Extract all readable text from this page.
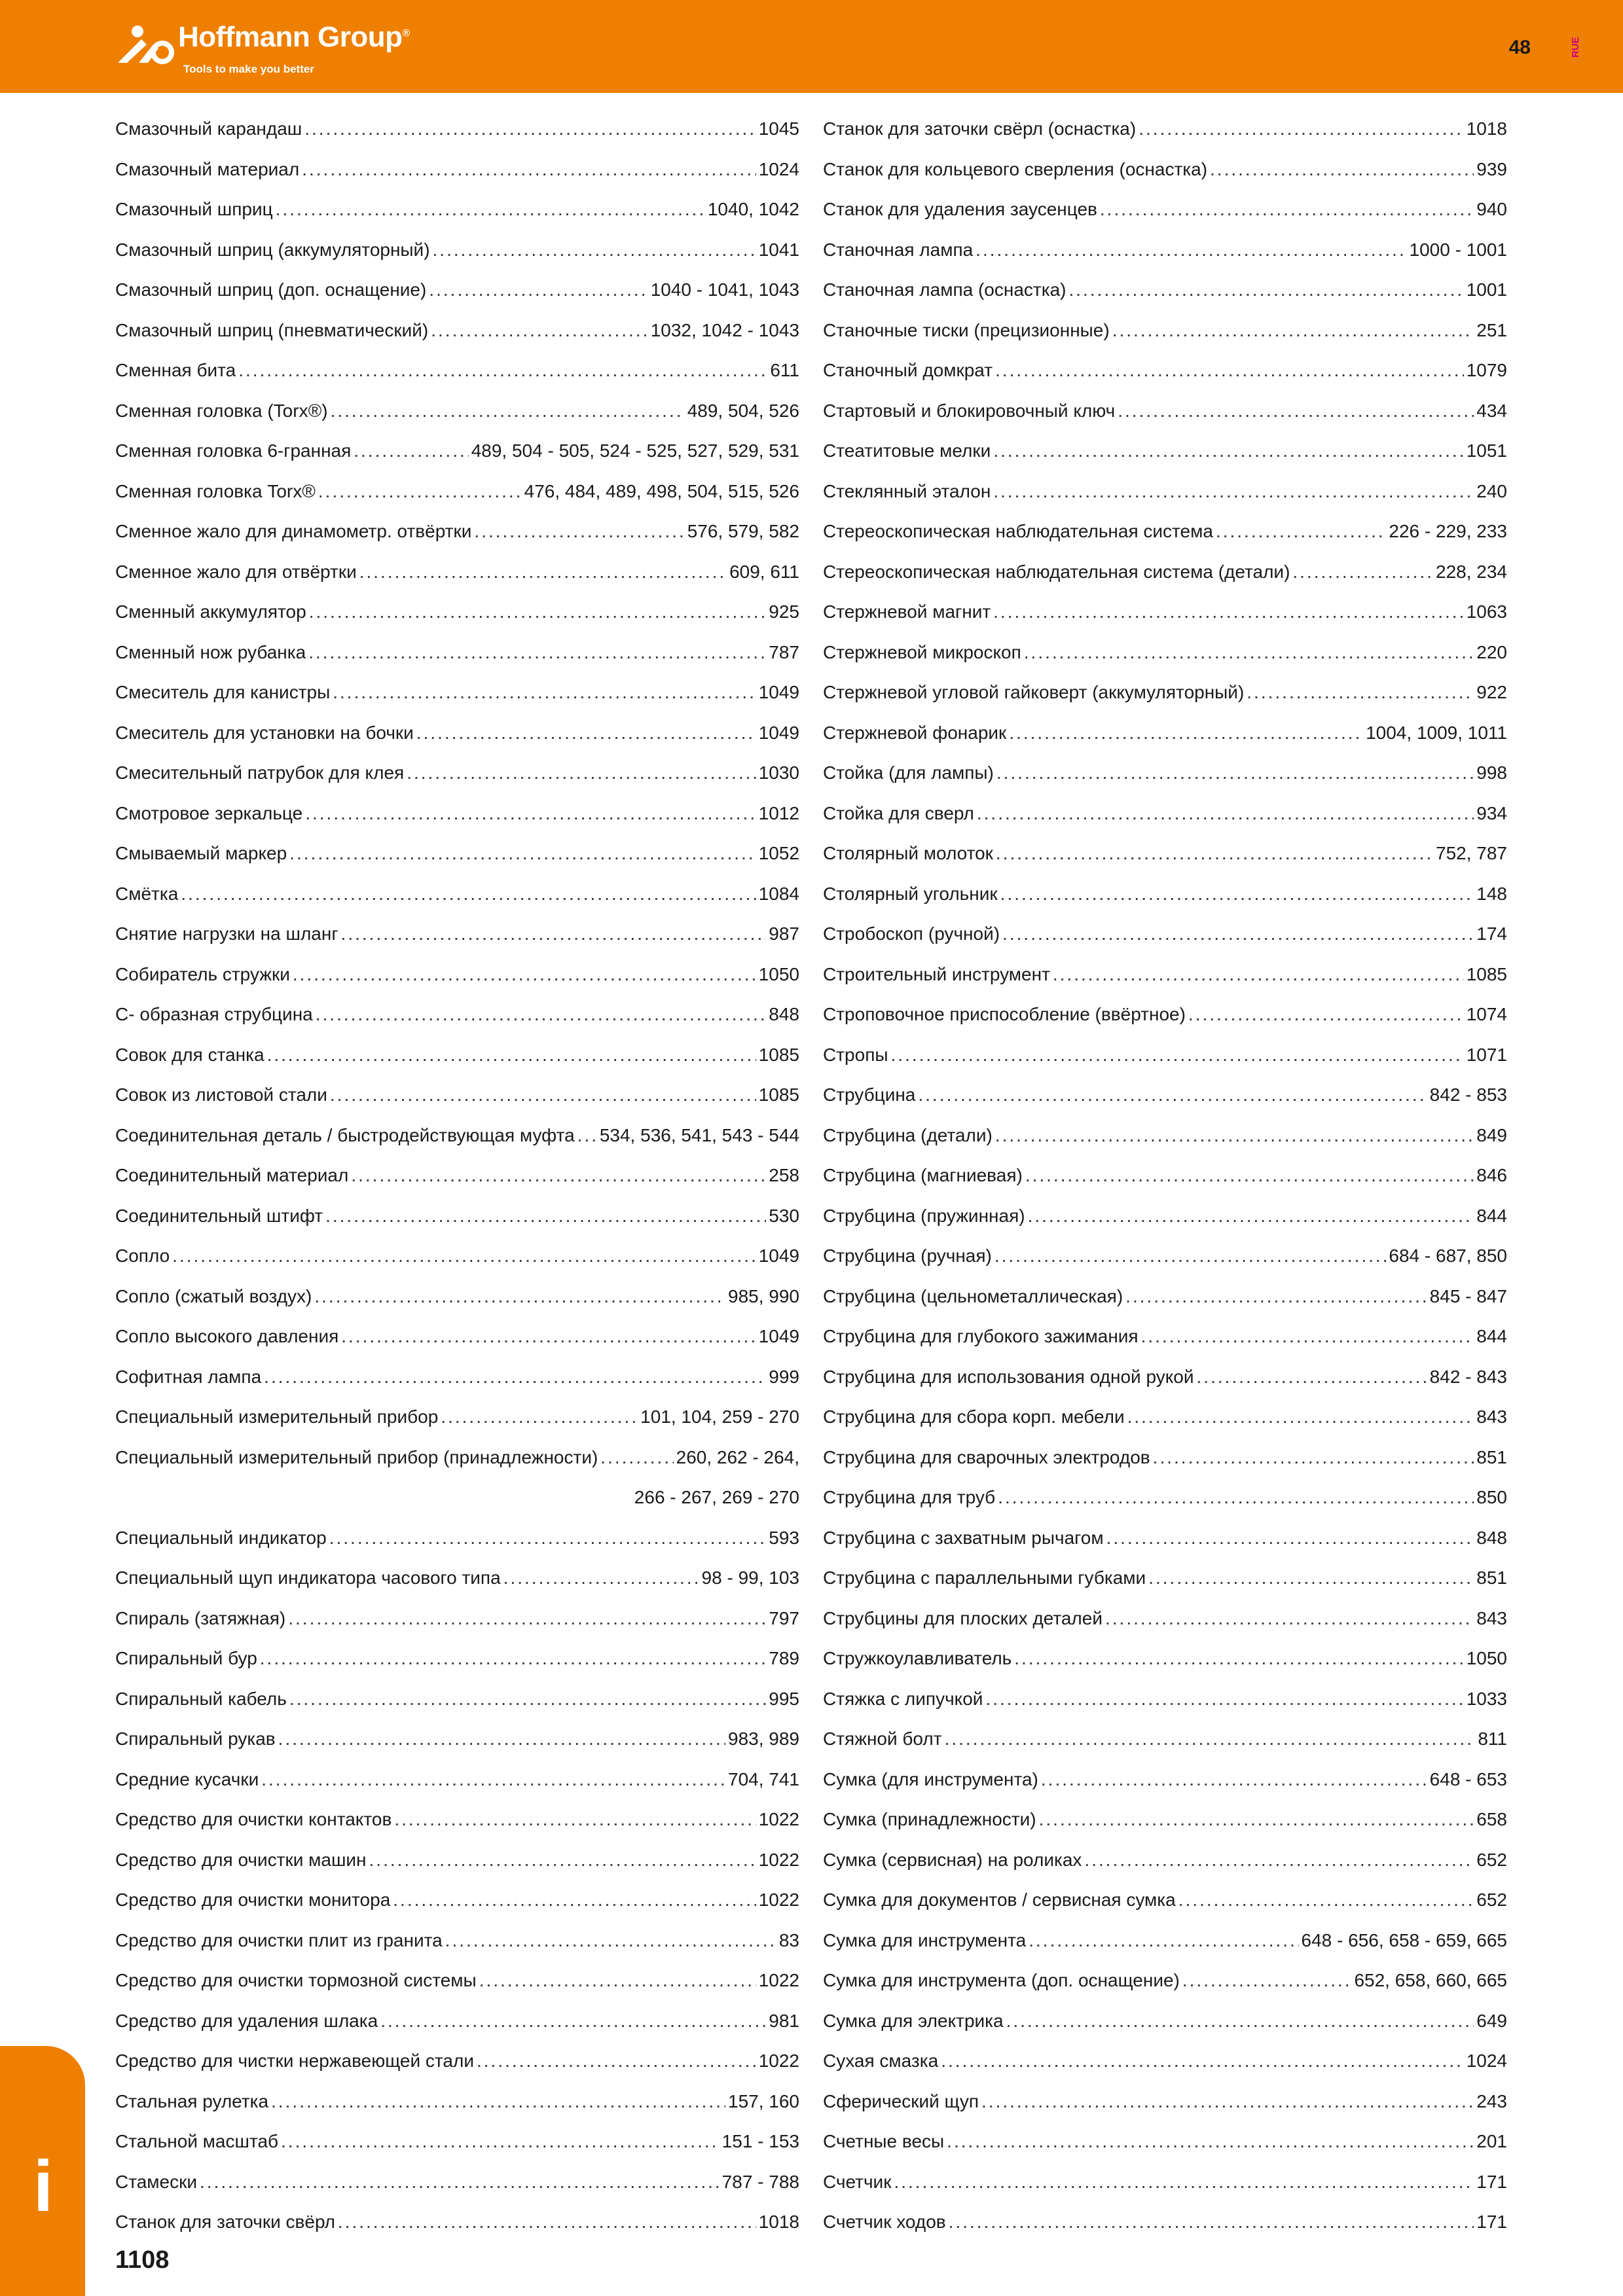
Hoffmann Group®
Tools to make you better
48	RUE
Смазочный карандаш .....	1045
Смазочный материал .....	1024
Смазочный шприц .....	1040, 1042
Смазочный шприц (аккумуляторный) .....	1041
Смазочный шприц (доп. оснащение) .....	1040 - 1041, 1043
Смазочный шприц (пневматический) .....	1032, 1042 - 1043
Сменная бита .....	611
Сменная головка (Torx®) .....	489, 504, 526
Сменная головка 6-гранная .....	489, 504 - 505, 524 - 525, 527, 529, 531
Сменная головка Torx® .....	476, 484, 489, 498, 504, 515, 526
Сменное жало для динамометр. отвёртки .....	576, 579, 582
Сменное жало для отвёртки .....	609, 611
Сменный аккумулятор .....	925
Сменный нож рубанка .....	787
Смеситель для канистры .....	1049
Смеситель для установки на бочки .....	1049
Смесительный патрубок для клея .....	1030
Смотровое зеркальце .....	1012
Смываемый маркер .....	1052
Смётка .....	1084
Снятие нагрузки на шланг .....	987
Собиратель стружки .....	1050
С- образная струбцина .....	848
Совок для станка .....	1085
Совок из листовой стали .....	1085
Соединительная деталь / быстродействующая муфта ..... 534, 536, 541, 543 - 544
Соединительный материал .....	258
Соединительный штифт .....	530
Сопло .....	1049
Сопло (сжатый воздух) .....	985, 990
Сопло высокого давления .....	1049
Софитная лампа .....	999
Специальный измерительный прибор .....	101, 104, 259 - 270
Специальный измерительный прибор (принадлежности) .....	260, 262 - 264,
266 - 267, 269 - 270
Специальный индикатор .....	593
Специальный щуп индикатора часового типа .....	98 - 99, 103
Спираль (затяжная) .....	797
Спиральный бур .....	789
Спиральный кабель .....	995
Спиральный рукав .....	983, 989
Средние кусачки .....	704, 741
Средство для очистки контактов .....	1022
Средство для очистки машин .....	1022
Средство для очистки монитора .....	1022
Средство для очистки плит из гранита .....	83
Средство для очистки тормозной системы .....	1022
Средство для удаления шлака .....	981
Средство для чистки нержавеющей стали .....	1022
Стальная рулетка .....	157, 160
Стальной масштаб .....	151 - 153
Стамески .....	787 - 788
Станок для заточки свёрл .....	1018
Станок для заточки свёрл (оснастка) .....	1018
Станок для кольцевого сверления (оснастка) .....	939
Станок для удаления заусенцев .....	940
Станочная лампа .....	1000 - 1001
Станочная лампа (оснастка) .....	1001
Станочные тиски (прецизионные) .....	251
Станочный домкрат .....	1079
Стартовый и блокировочный ключ .....	434
Стеатитовые мелки .....	1051
Стеклянный эталон .....	240
Стереоскопическая наблюдательная система .....	226 - 229, 233
Стереоскопическая наблюдательная система (детали) .....	228, 234
Стержневой магнит .....	1063
Стержневой микроскоп .....	220
Стержневой угловой гайковерт (аккумуляторный) .....	922
Стержневой фонарик .....	1004, 1009, 1011
Стойка (для лампы) .....	998
Стойка для сверл .....	934
Столярный молоток .....	752, 787
Столярный угольник .....	148
Стробоскоп (ручной) .....	174
Строительный инструмент .....	1085
Строповочное приспособление (ввёртное) .....	1074
Стропы .....	1071
Струбцина .....	842 - 853
Струбцина (детали) .....	849
Струбцина (магниевая) .....	846
Струбцина (пружинная) .....	844
Струбцина (ручная) .....	684 - 687, 850
Струбцина (цельнометаллическая) .....	845 - 847
Струбцина для глубокого зажимания .....	844
Струбцина для использования одной рукой .....	842 - 843
Струбцина для сбора корп. мебели .....	843
Струбцина для сварочных электродов .....	851
Струбцина для труб .....	850
Струбцина с захватным рычагом .....	848
Струбцина с параллельными губками .....	851
Струбцины для плоских деталей .....	843
Стружкоулавливатель .....	1050
Стяжка с липучкой .....	1033
Стяжной болт .....	811
Сумка (для инструмента) .....	648 - 653
Сумка (принадлежности) .....	658
Сумка (сервисная) на роликах .....	652
Сумка для документов / сервисная сумка .....	652
Сумка для инструмента .....	648 - 656, 658 - 659, 665
Сумка для инструмента (доп. оснащение) .....	652, 658, 660, 665
Сумка для электрика .....	649
Сухая смазка .....	1024
Сферический щуп .....	243
Счетные весы .....	201
Счетчик .....	171
Счетчик ходов .....	171
i
1108
